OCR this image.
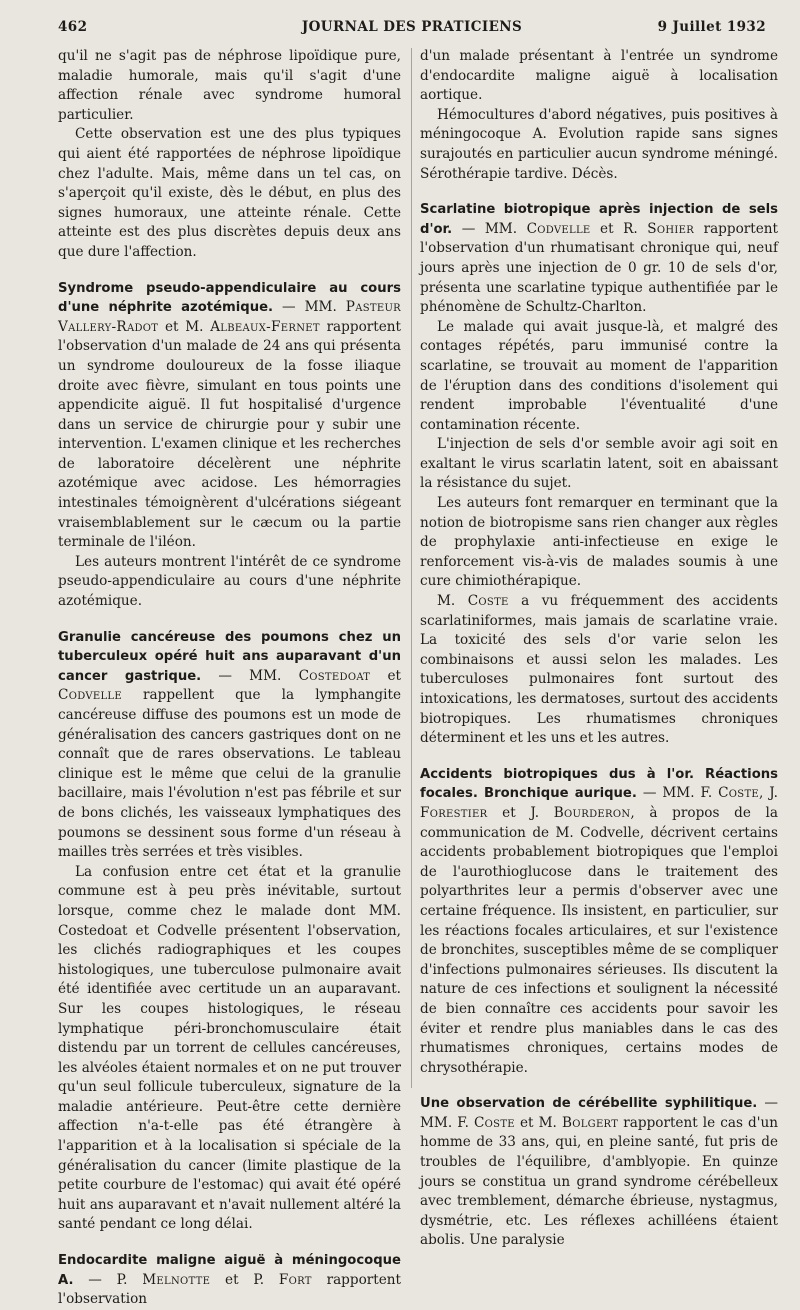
462	JOURNAL DES PRATICIENS	9 Juillet 1932

qu'il ne s'agit pas de néphrose lipoïdique pure, maladie humorale, mais qu'il s'agit d'une affection rénale avec syndrome humoral particulier.

Cette observation est une des plus typiques qui aient été rapportées de néphrose lipoïdique chez l'adulte. Mais, même dans un tel cas, on s'aperçoit qu'il existe, dès le début, en plus des signes humoraux, une atteinte rénale. Cette atteinte est des plus discrètes depuis deux ans que dure l'affection.

Syndrome pseudo-appendiculaire au cours d'une néphrite azotémique. — MM. Pasteur Vallery-Radot et M. Albeaux-Fernet rapportent l'observation d'un malade de 24 ans qui présenta un syndrome douloureux de la fosse iliaque droite avec fièvre, simulant en tous points une appendicite aiguë. Il fut hospitalisé d'urgence dans un service de chirurgie pour y subir une intervention. L'examen clinique et les recherches de laboratoire décelèrent une néphrite azotémique avec acidose. Les hémorragies intestinales témoignèrent d'ulcérations siégeant vraisemblablement sur le cæcum ou la partie terminale de l'iléon.

Les auteurs montrent l'intérêt de ce syndrome pseudo-appendiculaire au cours d'une néphrite azotémique.

Granulie cancéreuse des poumons chez un tuberculeux opéré huit ans auparavant d'un cancer gastrique. — MM. Costedoat et Codvelle rappellent que la lymphangite cancéreuse diffuse des poumons est un mode de généralisation des cancers gastriques dont on ne connaît que de rares observations. Le tableau clinique est le même que celui de la granulie bacillaire, mais l'évolution n'est pas fébrile et sur de bons clichés, les vaisseaux lymphatiques des poumons se dessinent sous forme d'un réseau à mailles très serrées et très visibles.

La confusion entre cet état et la granulie commune est à peu près inévitable, surtout lorsque, comme chez le malade dont MM. Costedoat et Codvelle présentent l'observation, les clichés radiographiques et les coupes histologiques, une tuberculose pulmonaire avait été identifiée avec certitude un an auparavant. Sur les coupes histologiques, le réseau lymphatique péri-bronchomusculaire était distendu par un torrent de cellules cancéreuses, les alvéoles étaient normales et on ne put trouver qu'un seul follicule tuberculeux, signature de la maladie antérieure. Peut-être cette dernière affection n'a-t-elle pas été étrangère à l'apparition et à la localisation si spéciale de la généralisation du cancer (limite plastique de la petite courbure de l'estomac) qui avait été opéré huit ans auparavant et n'avait nullement altéré la santé pendant ce long délai.

Endocardite maligne aiguë à méningocoque A. — P. Melnotte et P. Fort rapportent l'observation

d'un malade présentant à l'entrée un syndrome d'endocardite maligne aiguë à localisation aortique.

Hémocultures d'abord négatives, puis positives à méningocoque A. Evolution rapide sans signes surajoutés en particulier aucun syndrome méningé. Sérothérapie tardive. Décès.

Scarlatine biotropique après injection de sels d'or. — MM. Codvelle et R. Sohier rapportent l'observation d'un rhumatisant chronique qui, neuf jours après une injection de 0 gr. 10 de sels d'or, présenta une scarlatine typique authentifiée par le phénomène de Schultz-Charlton.

Le malade qui avait jusque-là, et malgré des contages répétés, paru immunisé contre la scarlatine, se trouvait au moment de l'apparition de l'éruption dans des conditions d'isolement qui rendent improbable l'éventualité d'une contamination récente.

L'injection de sels d'or semble avoir agi soit en exaltant le virus scarlatin latent, soit en abaissant la résistance du sujet.

Les auteurs font remarquer en terminant que la notion de biotropisme sans rien changer aux règles de prophylaxie anti-infectieuse en exige le renforcement vis-à-vis de malades soumis à une cure chimiothérapique.

M. Coste a vu fréquemment des accidents scarlatiniformes, mais jamais de scarlatine vraie. La toxicité des sels d'or varie selon les combinaisons et aussi selon les malades. Les tuberculoses pulmonaires font surtout des intoxications, les dermatoses, surtout des accidents biotropiques. Les rhumatismes chroniques déterminent et les uns et les autres.

Accidents biotropiques dus à l'or. Réactions focales. Bronchique aurique. — MM. F. Coste, J. Forestier et J. Bourderon, à propos de la communication de M. Codvelle, décrivent certains accidents probablement biotropiques que l'emploi de l'aurothioglucose dans le traitement des polyarthrites leur a permis d'observer avec une certaine fréquence. Ils insistent, en particulier, sur les réactions focales articulaires, et sur l'existence de bronchites, susceptibles même de se compliquer d'infections pulmonaires sérieuses. Ils discutent la nature de ces infections et soulignent la nécessité de bien connaître ces accidents pour savoir les éviter et rendre plus maniables dans le cas des rhumatismes chroniques, certains modes de chrysothérapie.

Une observation de cérébellite syphilitique. — MM. F. Coste et M. Bolgert rapportent le cas d'un homme de 33 ans, qui, en pleine santé, fut pris de troubles de l'équilibre, d'amblyopie. En quinze jours se constitua un grand syndrome cérébelleux avec tremblement, démarche ébrieuse, nystagmus, dysmétrie, etc. Les réflexes achilléens étaient abolis. Une paralysie
